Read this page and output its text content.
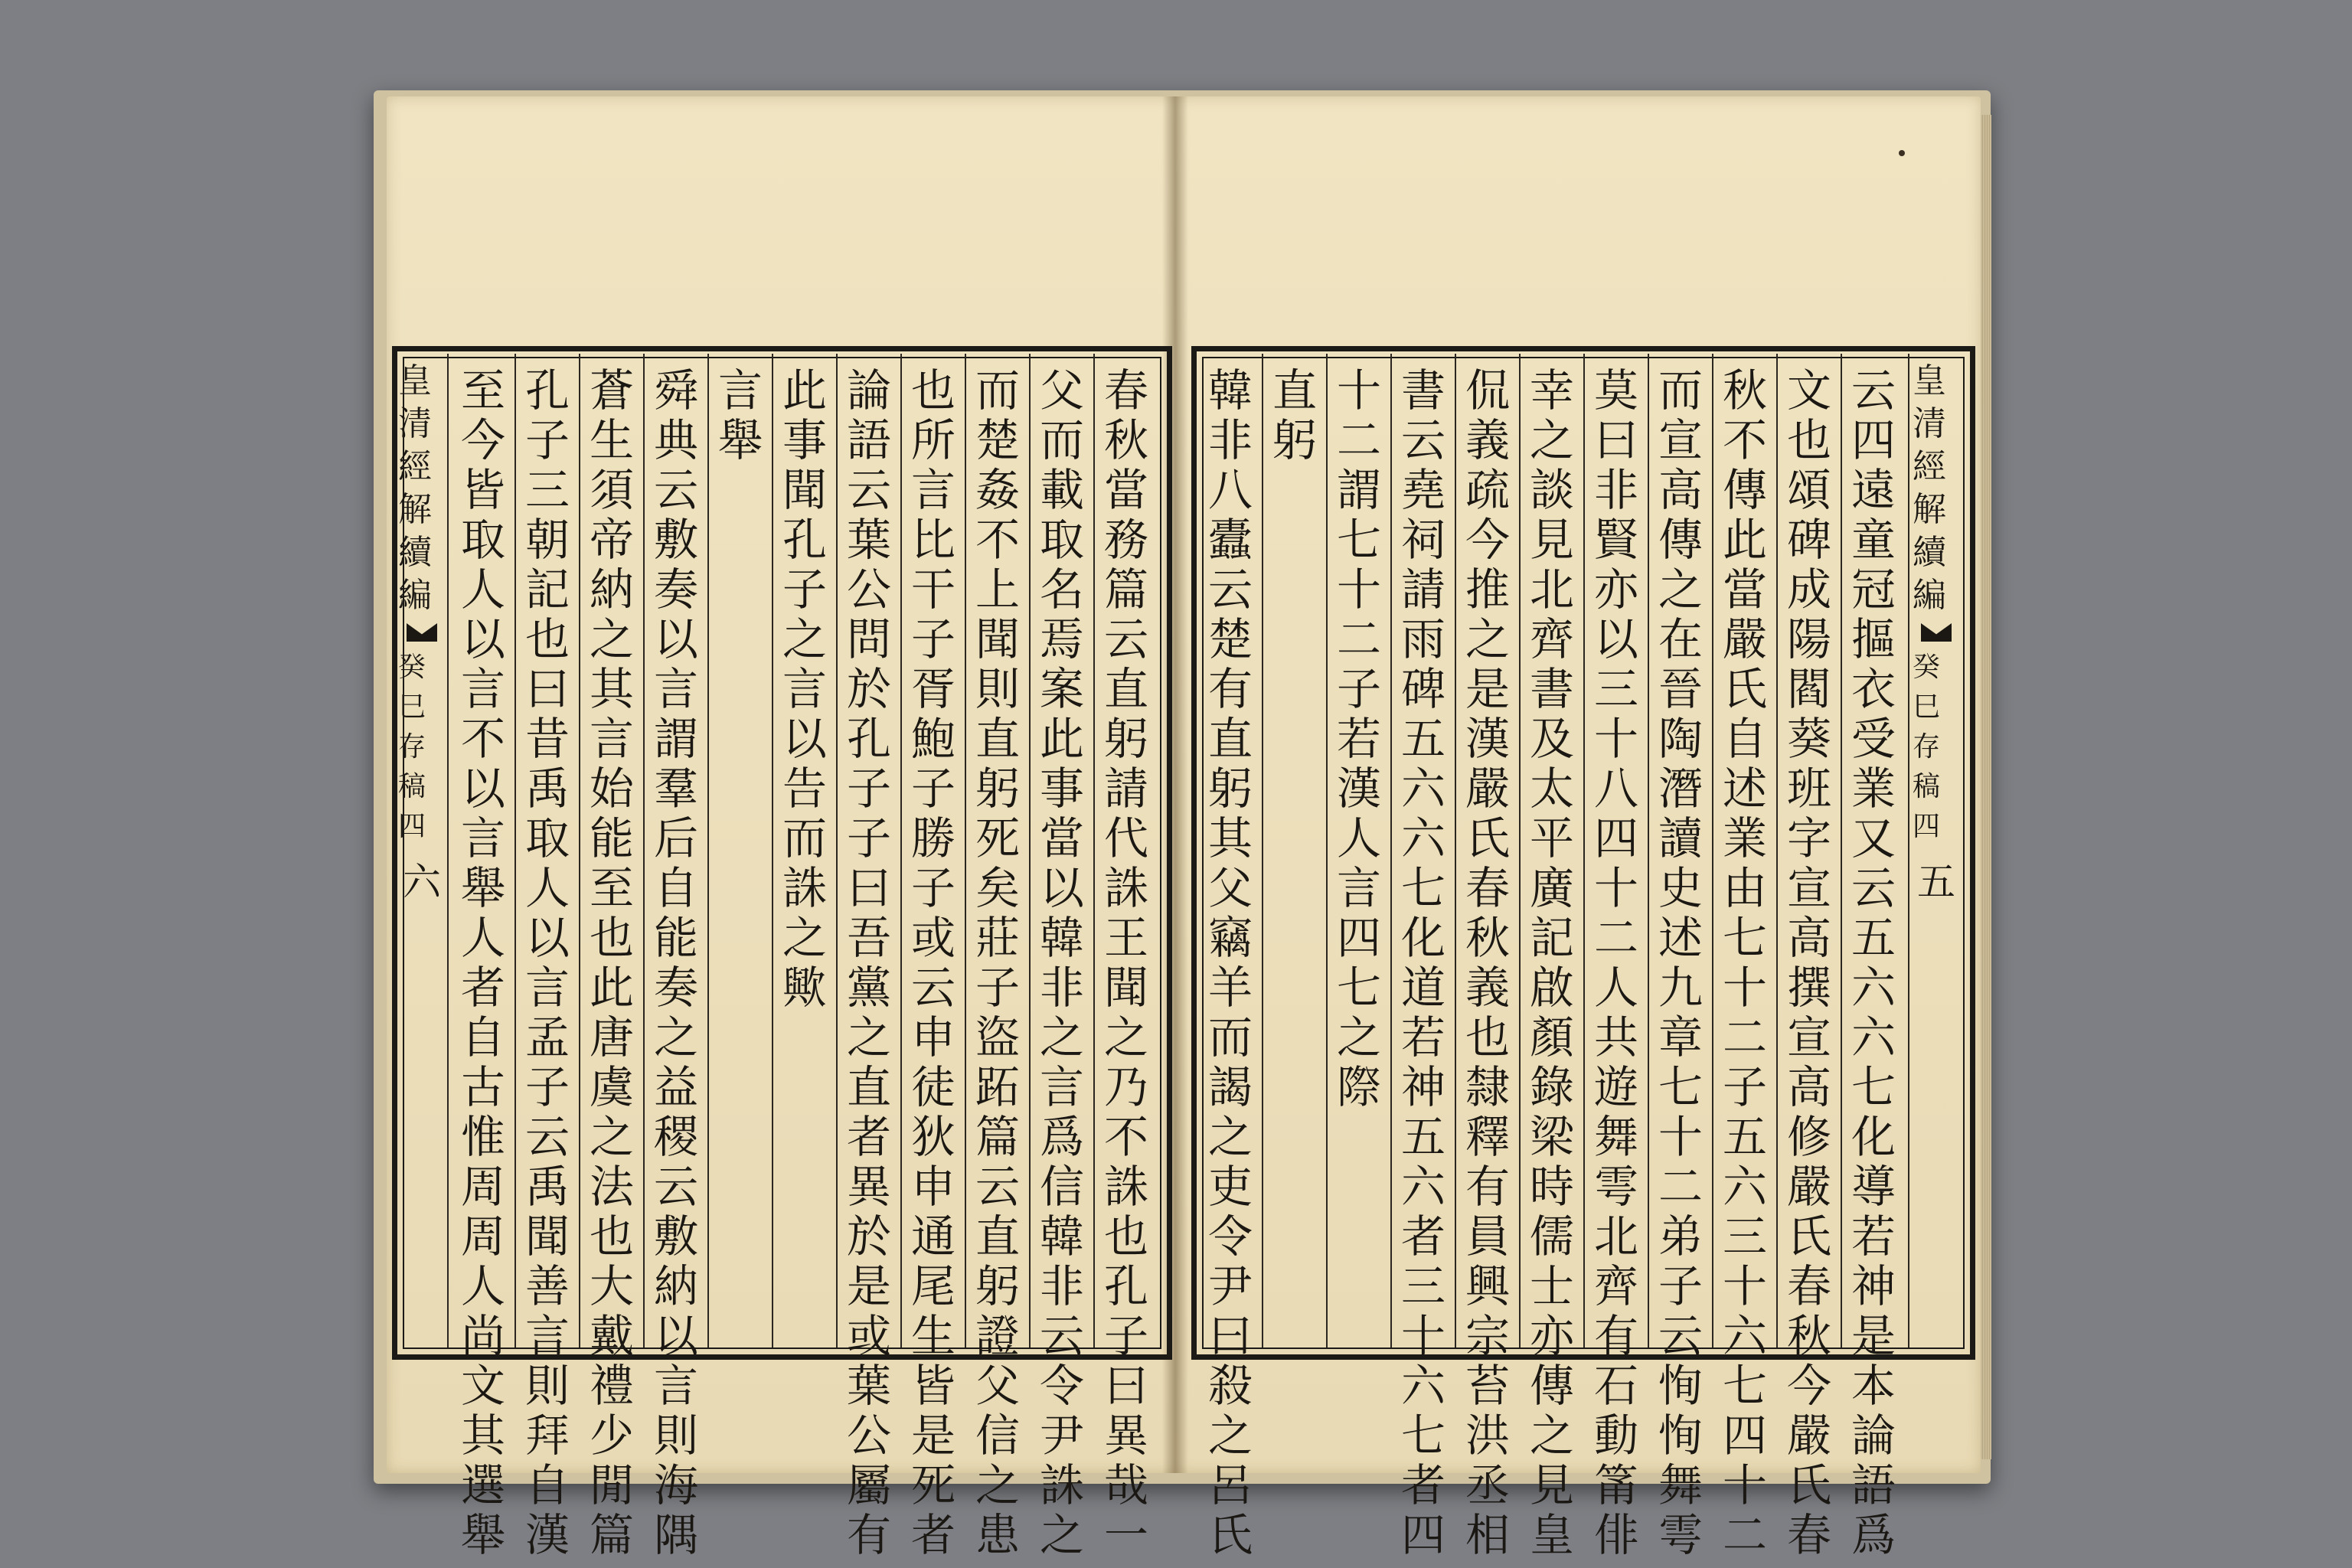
皇清經解續編
癸巳存稿四
六
至
今
皆
取
人
以
言
不
以
言
舉
人
者
自
古
惟
周
周
人
尚
文
其
選
舉
孔
子
三
朝
記
也
曰
昔
禹
取
人
以
言
孟
子
云
禹
聞
善
言
則
拜
自
漢
蒼
生
須
帝
納
之
其
言
始
能
至
也
此
唐
虞
之
法
也
大
戴
禮
少
閒
篇
舜
典
云
敷
奏
以
言
謂
羣
后
自
能
奏
之
益
稷
云
敷
納
以
言
則
海
隅
言
舉
此
事
聞
孔
子
之
言
以
告
而
誅
之
歟
論
語
云
葉
公
問
於
孔
子
子
曰
吾
黨
之
直
者
異
於
是
或
葉
公
屬
有
也
所
言
比
干
子
胥
鮑
子
勝
子
或
云
申
徒
狄
申
通
尾
生
皆
是
死
者
而
楚
姦
不
上
聞
則
直
躬
死
矣
莊
子
盜
跖
篇
云
直
躬
證
父
信
之
患
父
而
載
取
名
焉
案
此
事
當
以
韓
非
之
言
爲
信
韓
非
云
令
尹
誅
之
春
秋
當
務
篇
云
直
躬
請
代
誅
王
聞
之
乃
不
誅
也
孔
子
曰
異
哉
一
皇清經解續編
癸巳存稿四
五
韓
非
八
蠹
云
楚
有
直
躬
其
父
竊
羊
而
謁
之
吏
令
尹
曰
殺
之
呂
氏
直
躬
十
二
謂
七
十
二
子
若
漢
人
言
四
七
之
際
書
云
堯
祠
請
雨
碑
五
六
六
七
化
道
若
神
五
六
者
三
十
六
七
者
四
侃
義
疏
今
推
之
是
漢
嚴
氏
春
秋
義
也
隸
釋
有
員
興
宗
苔
洪
丞
相
幸
之
談
見
北
齊
書
及
太
平
廣
記
啟
顏
錄
梁
時
儒
士
亦
傳
之
見
皇
莫
曰
非
賢
亦
以
三
十
八
四
十
二
人
共
遊
舞
雩
北
齊
有
石
動
筩
俳
而
宣
高
傳
之
在
晉
陶
潛
讀
史
述
九
章
七
十
二
弟
子
云
恂
恂
舞
雩
秋
不
傳
此
當
嚴
氏
自
述
業
由
七
十
二
子
五
六
三
十
六
七
四
十
二
文
也
頌
碑
成
陽
閻
葵
班
字
宣
高
撰
宣
高
修
嚴
氏
春
秋
今
嚴
氏
春
云
四
遠
童
冠
摳
衣
受
業
又
云
五
六
六
七
化
導
若
神
是
本
論
語
爲
